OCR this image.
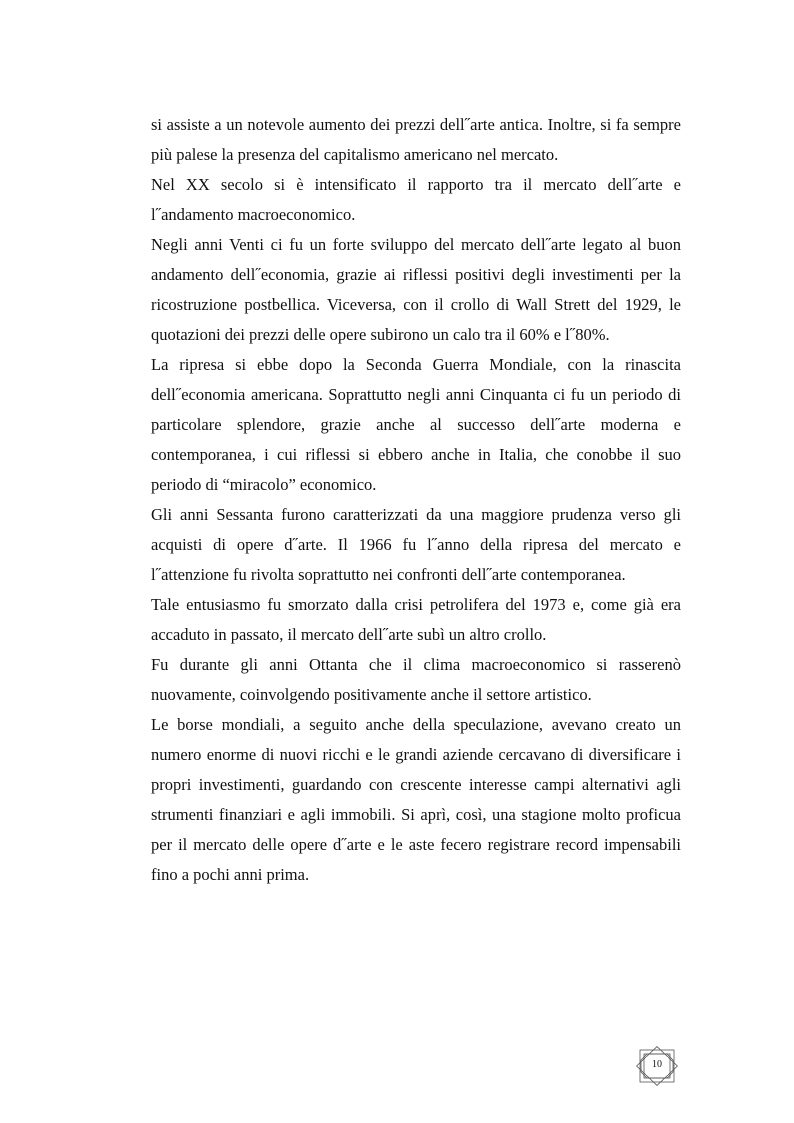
si assiste a un notevole aumento dei prezzi dell˝arte antica. Inoltre, si fa sempre più palese la presenza del capitalismo americano nel mercato.

Nel XX secolo si è intensificato il rapporto tra il mercato dell˝arte e l˝andamento macroeconomico.

Negli anni Venti ci fu un forte sviluppo del mercato dell˝arte legato al buon andamento dell˝economia, grazie ai riflessi positivi degli investimenti per la ricostruzione postbellica. Viceversa, con il crollo di Wall Strett del 1929, le quotazioni dei prezzi delle opere subirono un calo tra il 60% e l˝80%.

La ripresa si ebbe dopo la Seconda Guerra Mondiale, con la rinascita dell˝economia americana. Soprattutto negli anni Cinquanta ci fu un periodo di particolare splendore, grazie anche al successo dell˝arte moderna e contemporanea, i cui riflessi si ebbero anche in Italia, che conobbe il suo periodo di “miracolo” economico.

Gli anni Sessanta furono caratterizzati da una maggiore prudenza verso gli acquisti di opere d˝arte. Il 1966 fu l˝anno della ripresa del mercato e l˝attenzione fu rivolta soprattutto nei confronti dell˝arte contemporanea.

Tale entusiasmo fu smorzato dalla crisi petrolifera del 1973 e, come già era accaduto in passato, il mercato dell˝arte subì un altro crollo.

Fu durante gli anni Ottanta che il clima macroeconomico si rasserenò nuovamente, coinvolgendo positivamente anche il settore artistico.

Le borse mondiali, a seguito anche della speculazione, avevano creato un numero enorme di nuovi ricchi e le grandi aziende cercavano di diversificare i propri investimenti, guardando con crescente interesse campi alternativi agli strumenti finanziari e agli immobili. Si aprì, così, una stagione molto proficua per il mercato delle opere d˝arte e le aste fecero registrare record impensabili fino a pochi anni prima.

10
